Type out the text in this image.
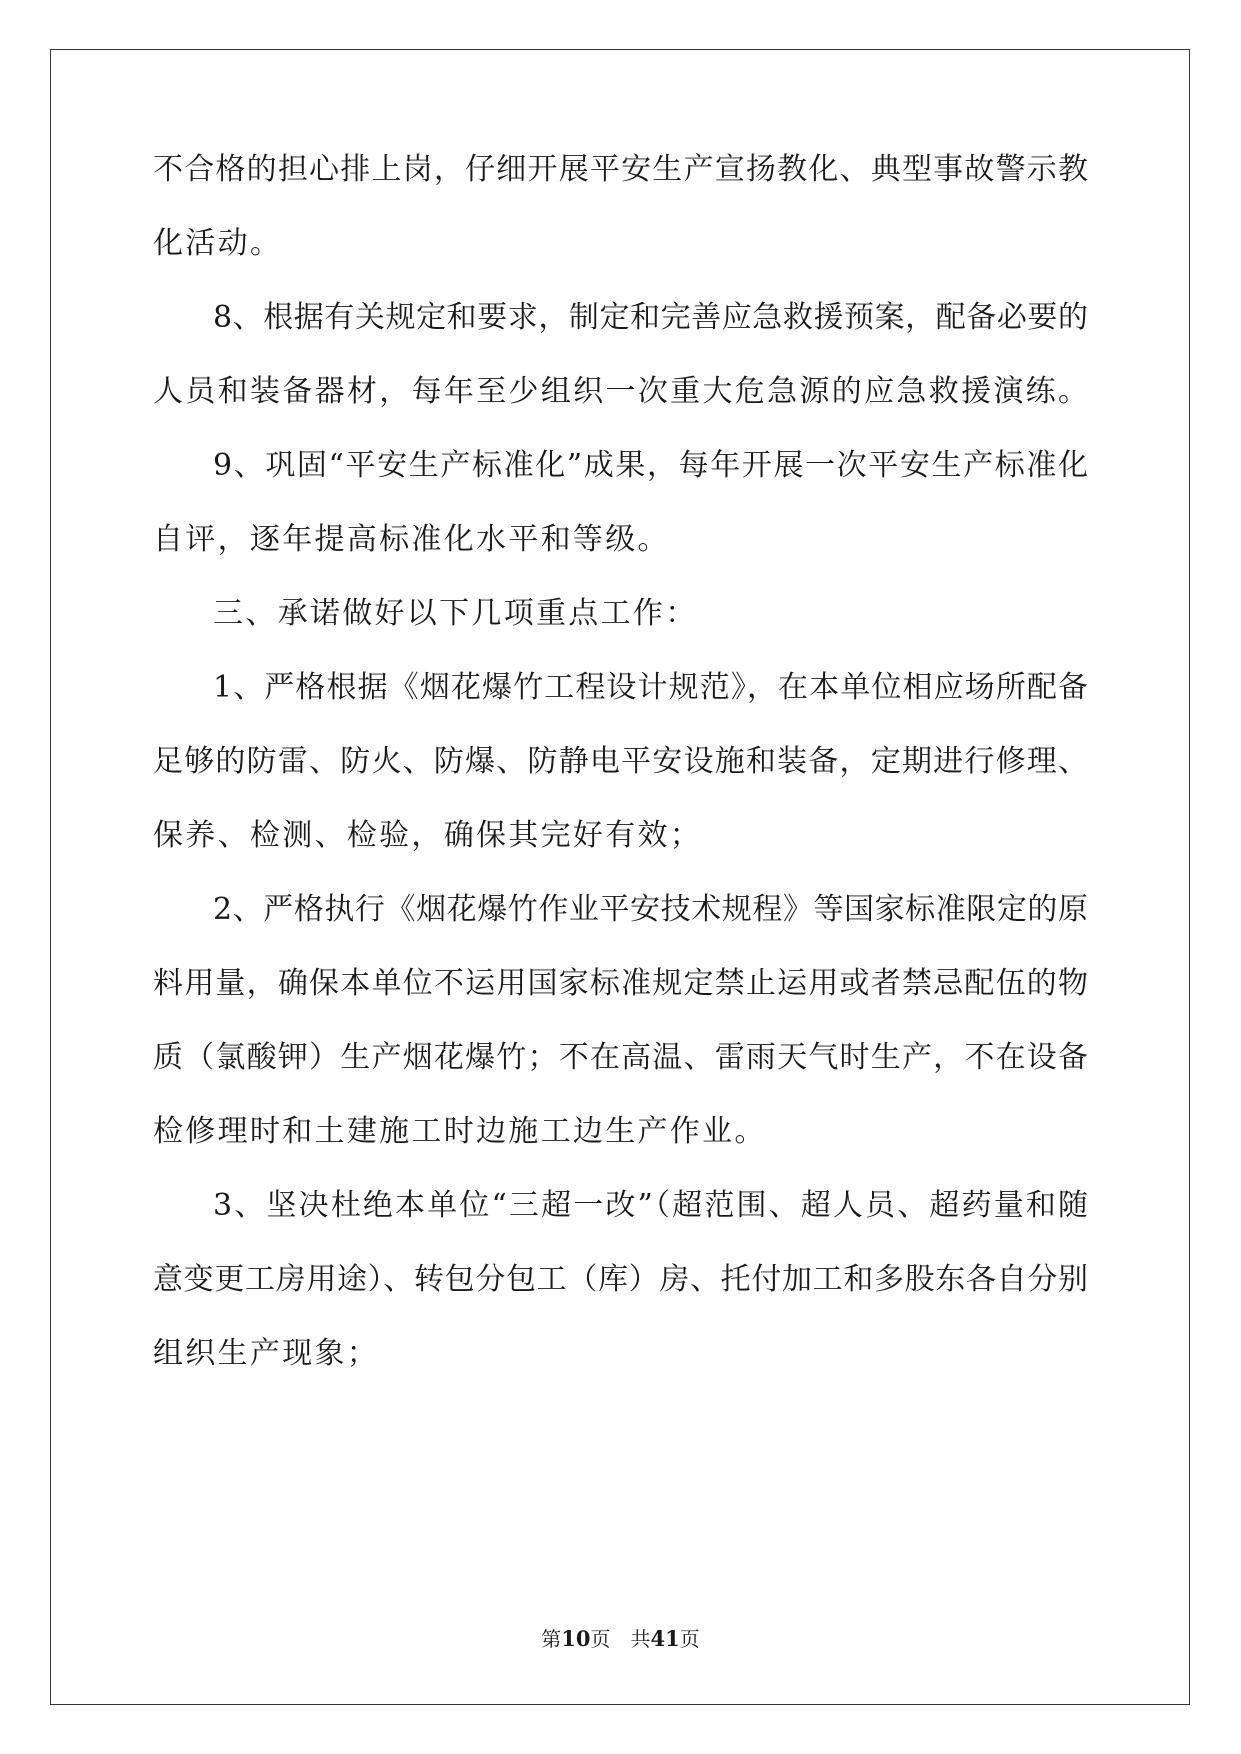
不合格的担心排上岗，仔细开展平安生产宣扬教化、典型事故警示教
化活动。
8、根据有关规定和要求，制定和完善应急救援预案，配备必要的
人员和装备器材，每年至少组织一次重大危急源的应急救援演练。
9、巩固“平安生产标准化”成果，每年开展一次平安生产标准化
自评，逐年提高标准化水平和等级。
三、承诺做好以下几项重点工作：
1、严格根据《烟花爆竹工程设计规范》，在本单位相应场所配备
足够的防雷、防火、防爆、防静电平安设施和装备，定期进行修理、
保养、检测、检验，确保其完好有效；
2、严格执行《烟花爆竹作业平安技术规程》等国家标准限定的原
料用量，确保本单位不运用国家标准规定禁止运用或者禁忌配伍的物
质（氯酸钾）生产烟花爆竹；不在高温、雷雨天气时生产，不在设备
检修理时和土建施工时边施工边生产作业。
3、坚决杜绝本单位“三超一改”（超范围、超人员、超药量和随
意变更工房用途）、转包分包工（库）房、托付加工和多股东各自分别
组织生产现象；
第10页　共41页
